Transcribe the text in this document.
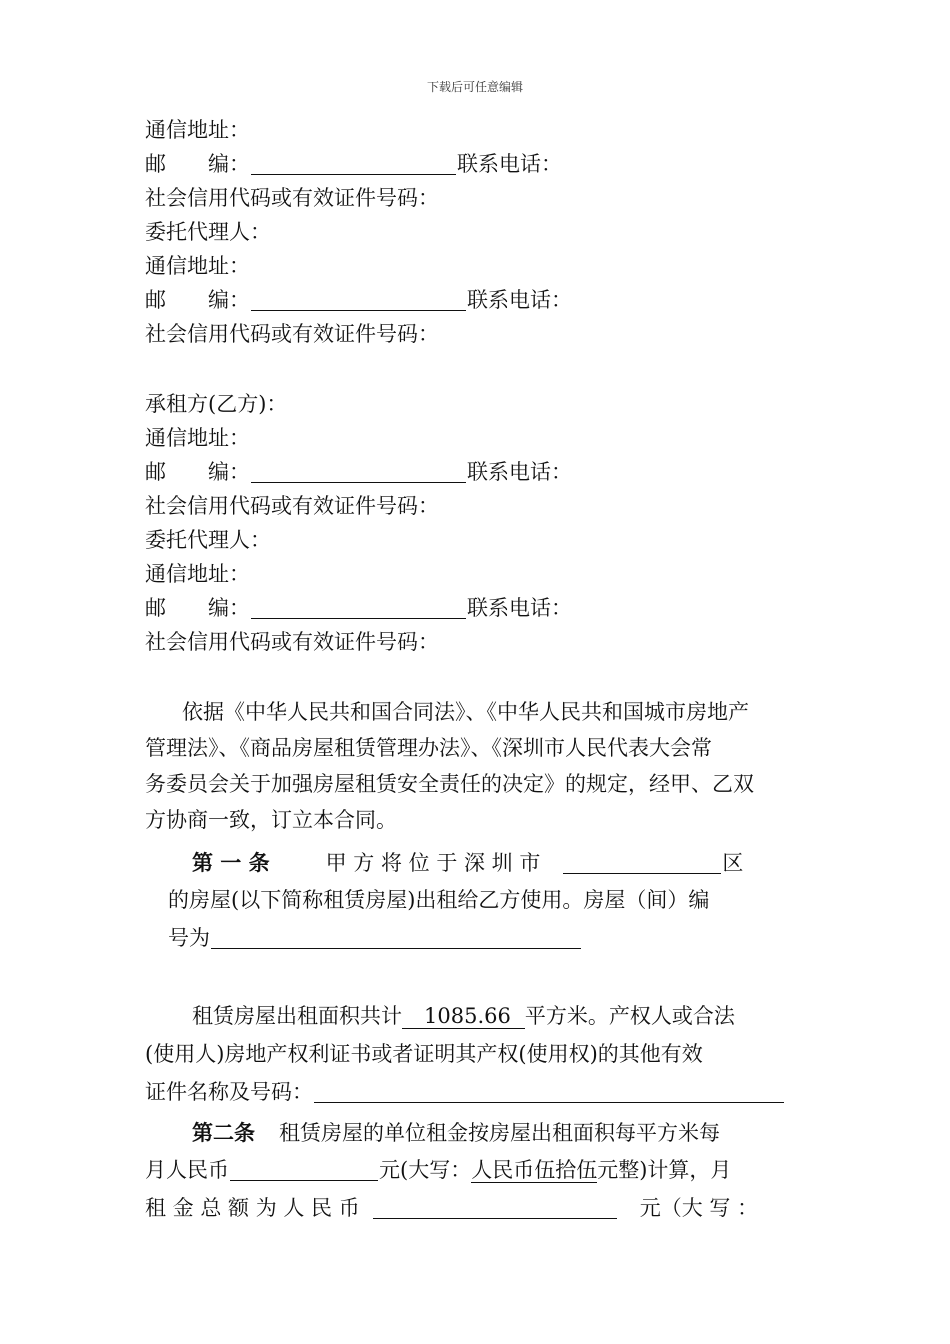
下载后可任意编辑
通信地址：
邮　　编：	联系电话：
社会信用代码或有效证件号码：
委托代理人：
通信地址：
邮　　编：	联系电话：
社会信用代码或有效证件号码：
承租方(乙方)：
通信地址：
邮　　编：	联系电话：
社会信用代码或有效证件号码：
委托代理人：
通信地址：
邮　　编：	联系电话：
社会信用代码或有效证件号码：
依据《中华人民共和国合同法》、《中华人民共和国城市房地产
管理法》、《商品房屋租赁管理办法》、《深圳市人民代表大会常
务委员会关于加强房屋租赁安全责任的决定》的规定，经甲、乙双
方协商一致，订立本合同。
第 一 条	甲 方 将 位 于 深 圳 市	区
的房屋(以下简称租赁房屋)出租给乙方使用。房屋（间）编
号为
租赁房屋出租面积共计 1085.66 平方米。产权人或合法
(使用人)房地产权利证书或者证明其产权(使用权)的其他有效
证件名称及号码：
第二条 租赁房屋的单位租金按房屋出租面积每平方米每
月人民币	元(大写：人民币伍拾伍元整)计算，月
租 金 总 额 为 人 民 币	元（大 写 ：
